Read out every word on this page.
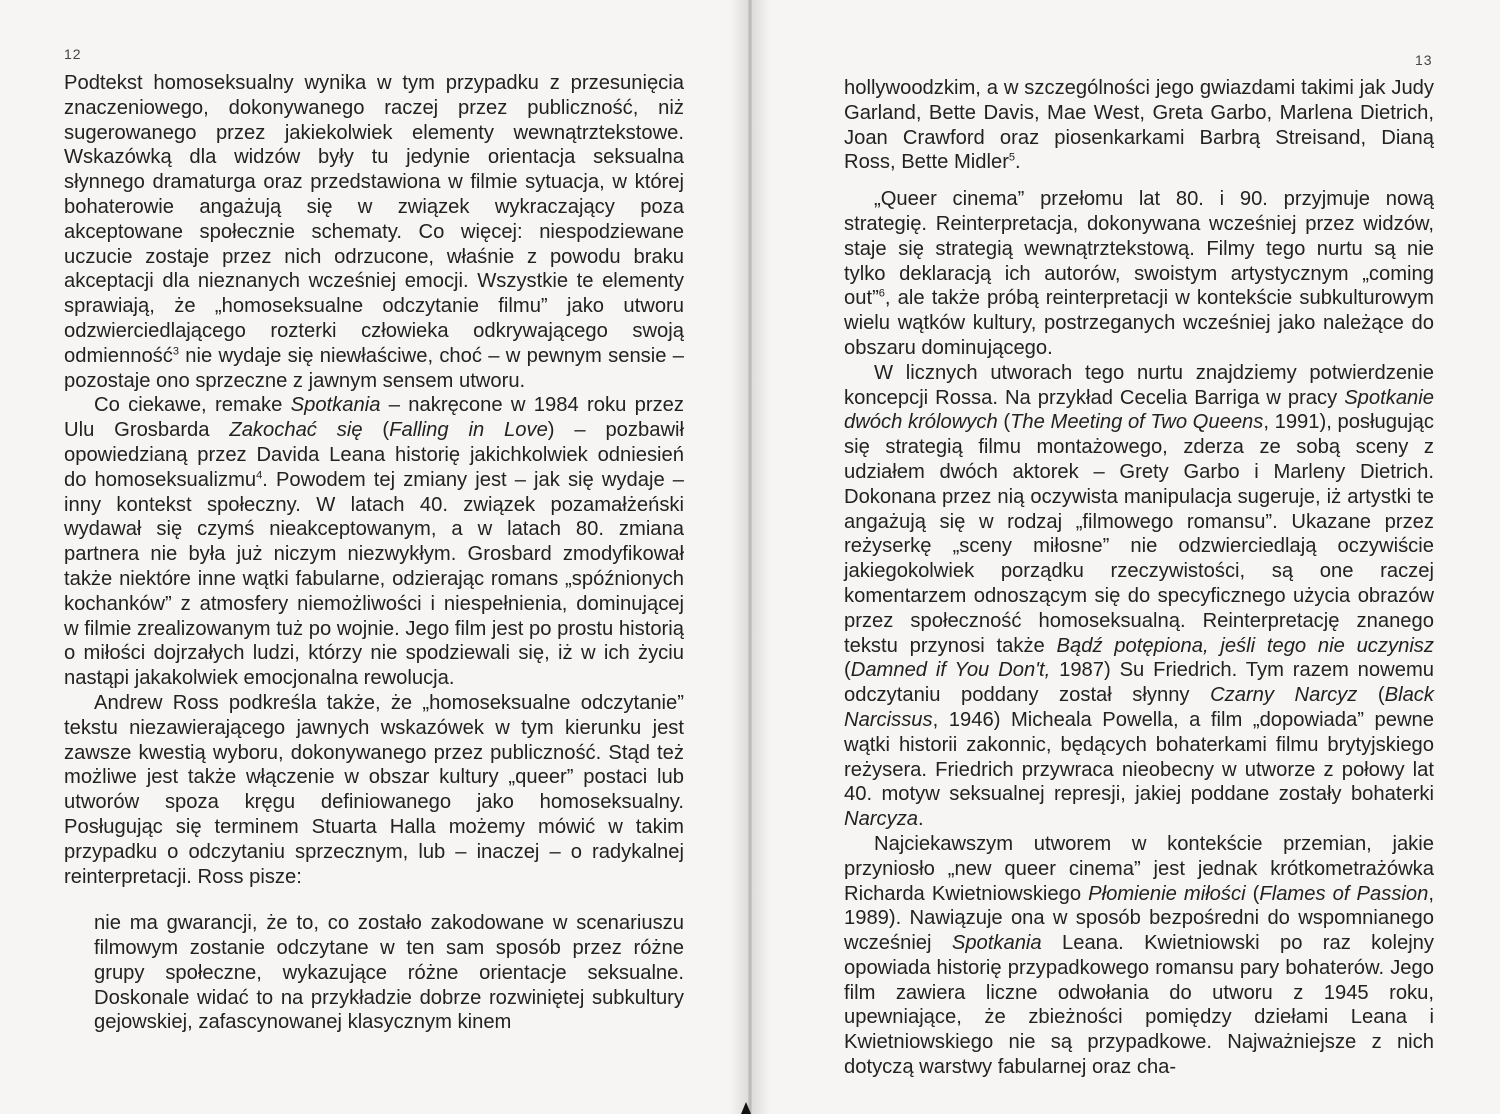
12

Podtekst homoseksualny wynika w tym przypadku z przesunięcia znaczeniowego, dokonywanego raczej przez publiczność, niż sugerowanego przez jakiekolwiek elementy wewnątrztekstowe. Wskazówką dla widzów były tu jedynie orientacja seksualna słynnego dramaturga oraz przedstawiona w filmie sytuacja, w której bohaterowie angażują się w związek wykraczający poza akceptowane społecznie schematy. Co więcej: niespodziewane uczucie zostaje przez nich odrzucone, właśnie z powodu braku akceptacji dla nieznanych wcześniej emocji. Wszystkie te elementy sprawiają, że „homoseksualne odczytanie filmu” jako utworu odzwierciedlającego rozterki człowieka odkrywającego swoją odmienność$^3$ nie wydaje się niewłaściwe, choć – w pewnym sensie – pozostaje ono sprzeczne z jawnym sensem utworu.

Co ciekawe, remake Spotkania – nakręcone w 1984 roku przez Ulu Grosbarda Zakochać się (Falling in Love) – pozbawił opowiedzianą przez Davida Leana historię jakichkolwiek odniesień do homoseksualizmu$^4$. Powodem tej zmiany jest – jak się wydaje – inny kontekst społeczny. W latach 40. związek pozamałżeński wydawał się czymś nieakceptowanym, a w latach 80. zmiana partnera nie była już niczym niezwykłym. Grosbard zmodyfikował także niektóre inne wątki fabularne, odzierając romans „spóźnionych kochanków” z atmosfery niemożliwości i niespełnienia, dominującej w filmie zrealizowanym tuż po wojnie. Jego film jest po prostu historią o miłości dojrzałych ludzi, którzy nie spodziewali się, iż w ich życiu nastąpi jakakolwiek emocjonalna rewolucja.

Andrew Ross podkreśla także, że „homoseksualne odczytanie” tekstu niezawierającego jawnych wskazówek w tym kierunku jest zawsze kwestią wyboru, dokonywanego przez publiczność. Stąd też możliwe jest także włączenie w obszar kultury „queer” postaci lub utworów spoza kręgu definiowanego jako homoseksualny. Posługując się terminem Stuarta Halla możemy mówić w takim przypadku o odczytaniu sprzecznym, lub – inaczej – o radykalnej reinterpretacji. Ross pisze:

nie ma gwarancji, że to, co zostało zakodowane w scenariuszu filmowym zostanie odczytane w ten sam sposób przez różne grupy społeczne, wykazujące różne orientacje seksualne. Doskonale widać to na przykładzie dobrze rozwiniętej subkultury gejowskiej, zafascynowanej klasycznym kinem
13

hollywoodzkim, a w szczególności jego gwiazdami takimi jak Judy Garland, Bette Davis, Mae West, Greta Garbo, Marlena Dietrich, Joan Crawford oraz piosenkarkami Barbrą Streisand, Dianą Ross, Bette Midler$^5$.

„Queer cinema” przełomu lat 80. i 90. przyjmuje nową strategię. Reinterpretacja, dokonywana wcześniej przez widzów, staje się strategią wewnątrztekstową. Filmy tego nurtu są nie tylko deklaracją ich autorów, swoistym artystycznym „coming out”$^6$, ale także próbą reinterpretacji w kontekście subkulturowym wielu wątków kultury, postrzeganych wcześniej jako należące do obszaru dominującego.

W licznych utworach tego nurtu znajdziemy potwierdzenie koncepcji Rossa. Na przykład Cecelia Barriga w pracy Spotkanie dwóch królowych (The Meeting of Two Queens, 1991), posługując się strategią filmu montażowego, zderza ze sobą sceny z udziałem dwóch aktorek – Grety Garbo i Marleny Dietrich. Dokonana przez nią oczywista manipulacja sugeruje, iż artystki te angażują się w rodzaj „filmowego romansu”. Ukazane przez reżyserkę „sceny miłosne” nie odzwierciedlają oczywiście jakiegokolwiek porządku rzeczywistości, są one raczej komentarzem odnoszącym się do specyficznego użycia obrazów przez społeczność homoseksualną. Reinterpretację znanego tekstu przynosi także Bądź potępiona, jeśli tego nie uczynisz (Damned if You Don't, 1987) Su Friedrich. Tym razem nowemu odczytaniu poddany został słynny Czarny Narcyz (Black Narcissus, 1946) Micheala Powella, a film „dopowiada” pewne wątki historii zakonnic, będących bohaterkami filmu brytyjskiego reżysera. Friedrich przywraca nieobecny w utworze z połowy lat 40. motyw seksualnej represji, jakiej poddane zostały bohaterki Narcyza.

Najciekawszym utworem w kontekście przemian, jakie przyniosło „new queer cinema” jest jednak krótkometrażówka Richarda Kwietniowskiego Płomienie miłości (Flames of Passion, 1989). Nawiązuje ona w sposób bezpośredni do wspomnianego wcześniej Spotkania Leana. Kwietniowski po raz kolejny opowiada historię przypadkowego romansu pary bohaterów. Jego film zawiera liczne odwołania do utworu z 1945 roku, upewniające, że zbieżności pomiędzy dziełami Leana i Kwietniowskiego nie są przypadkowe. Najważniejsze z nich dotyczą warstwy fabularnej oraz cha-
